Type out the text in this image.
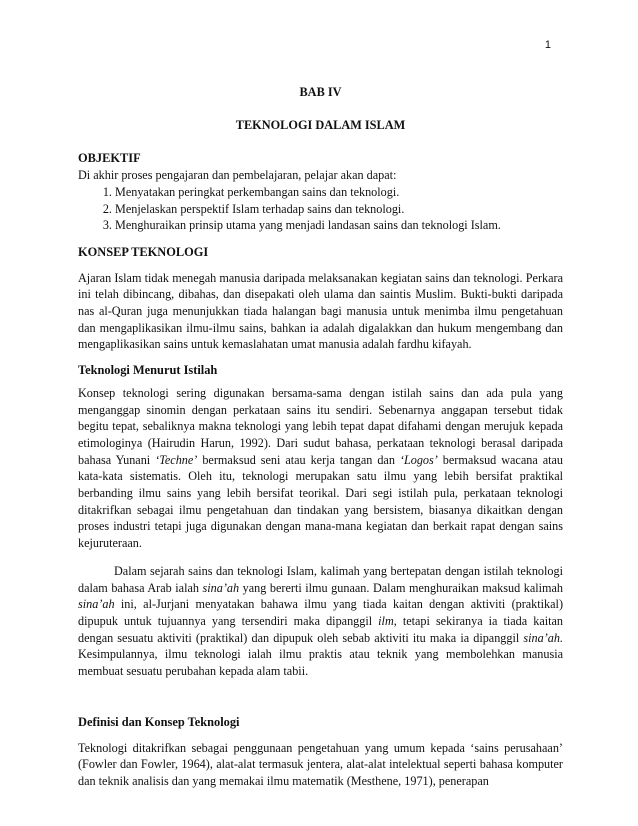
1

BAB IV

TEKNOLOGI DALAM ISLAM

OBJEKTIF

Di akhir proses pengajaran dan pembelajaran, pelajar akan dapat:

1. Menyatakan peringkat perkembangan sains dan teknologi.
2. Menjelaskan perspektif Islam terhadap sains dan teknologi.
3. Menghuraikan prinsip utama yang menjadi landasan sains dan teknologi Islam.
KONSEP TEKNOLOGI

Ajaran Islam tidak menegah manusia daripada melaksanakan kegiatan sains dan teknologi. Perkara ini telah dibincang, dibahas, dan disepakati oleh ulama dan saintis Muslim. Bukti-bukti daripada nas al-Quran juga menunjukkan tiada halangan bagi manusia untuk menimba ilmu pengetahuan dan mengaplikasikan ilmu-ilmu sains, bahkan ia adalah digalakkan dan hukum mengembang dan mengaplikasikan sains untuk kemaslahatan umat manusia adalah fardhu kifayah.

Teknologi Menurut Istilah

Konsep teknologi sering digunakan bersama-sama dengan istilah sains dan ada pula yang menganggap sinomin dengan perkataan sains itu sendiri. Sebenarnya anggapan tersebut tidak begitu tepat, sebaliknya makna teknologi yang lebih tepat dapat difahami dengan merujuk kepada etimologinya (Hairudin Harun, 1992). Dari sudut bahasa, perkataan teknologi berasal daripada bahasa Yunani ‘Techne’ bermaksud seni atau kerja tangan dan ‘Logos’ bermaksud wacana atau kata-kata sistematis. Oleh itu, teknologi merupakan satu ilmu yang lebih bersifat praktikal berbanding ilmu sains yang lebih bersifat teorikal. Dari segi istilah pula, perkataan teknologi ditakrifkan sebagai ilmu pengetahuan dan tindakan yang bersistem, biasanya dikaitkan dengan proses industri tetapi juga digunakan dengan mana-mana kegiatan dan berkait rapat dengan sains kejuruteraan.

Dalam sejarah sains dan teknologi Islam, kalimah yang bertepatan dengan istilah teknologi dalam bahasa Arab ialah sina’ah yang bererti ilmu gunaan. Dalam menghuraikan maksud kalimah sina’ah ini, al-Jurjani menyatakan bahawa ilmu yang tiada kaitan dengan aktiviti (praktikal) dipupuk untuk tujuannya yang tersendiri maka dipanggil ilm, tetapi sekiranya ia tiada kaitan dengan sesuatu aktiviti (praktikal) dan dipupuk oleh sebab aktiviti itu maka ia dipanggil sina’ah. Kesimpulannya, ilmu teknologi ialah ilmu praktis atau teknik yang membolehkan manusia membuat sesuatu perubahan kepada alam tabii.

Definisi dan Konsep Teknologi

Teknologi ditakrifkan sebagai penggunaan pengetahuan yang umum kepada ‘sains perusahaan’ (Fowler dan Fowler, 1964), alat-alat termasuk jentera, alat-alat intelektual seperti bahasa komputer dan teknik analisis dan yang memakai ilmu matematik (Mesthene, 1971), penerapan
